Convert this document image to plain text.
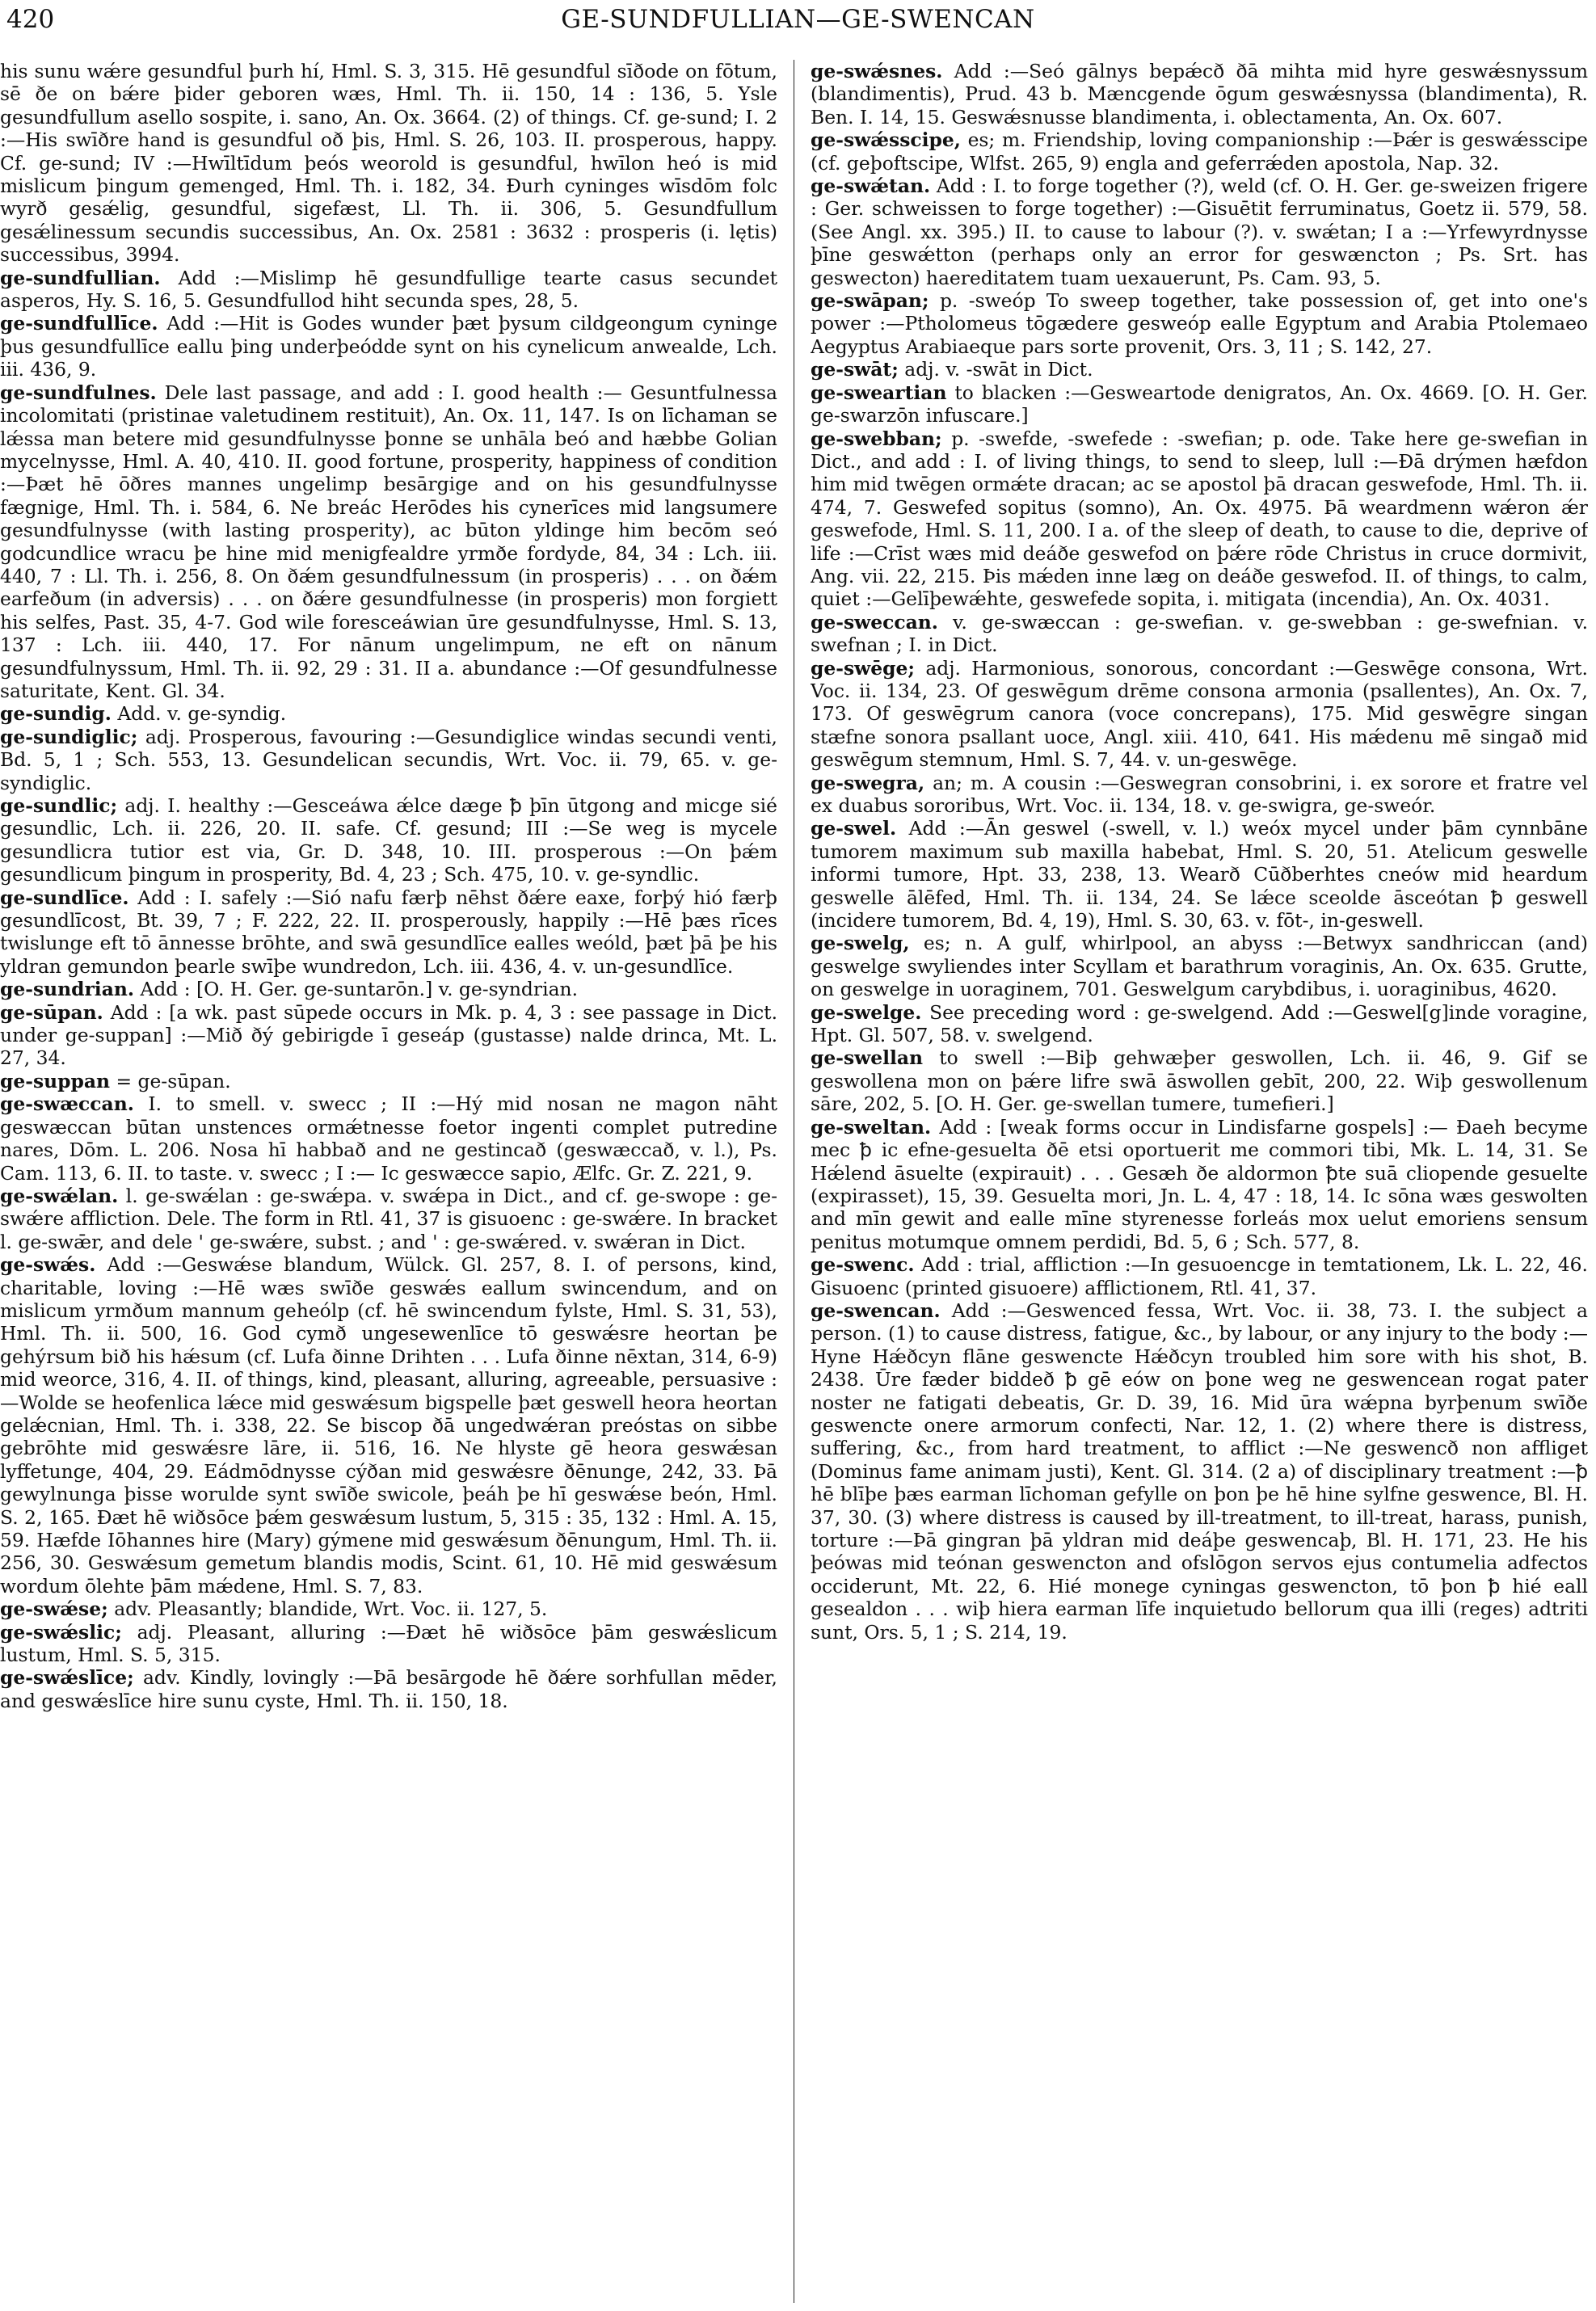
420	GE-SUNDFULLIAN—GE-SWENCAN

his sunu wǽre gesundful þurh hí, Hml. S. 3, 315. Hē gesundful sīðode on fōtum, sē ðe on bǽre þider geboren wæs, Hml. Th. ii. 150, 14 : 136, 5. Ysle gesundfullum asello sospite, i. sano, An. Ox. 3664. (2) of things. Cf. ge-sund; I. 2 :—His swīðre hand is gesundful oð þis, Hml. S. 26, 103. II. prosperous, happy. Cf. ge-sund; IV :—Hwīltīdum þeós weorold is gesundful, hwīlon heó is mid mislicum þingum gemenged, Hml. Th. i. 182, 34. Ðurh cyninges wīsdōm folc wyrð gesǽlig, gesundful, sigefæst, Ll. Th. ii. 306, 5. Gesundfullum gesǽlinessum secundis successibus, An. Ox. 2581 : 3632 : prosperis (i. lętis) successibus, 3994.

ge-sundfullian. Add :—Mislimp hē gesundfullige tearte casus secundet asperos, Hy. S. 16, 5. Gesundfullod hiht secunda spes, 28, 5.

ge-sundfullīce. Add :—Hit is Godes wunder þæt þysum cildgeongum cyninge þus gesundfullīce eallu þing underþeódde synt on his cynelicum anwealde, Lch. iii. 436, 9.

ge-sundfulnes. Dele last passage, and add : I. good health :— Gesuntfulnessa incolomitati (pristinae valetudinem restituit), An. Ox. 11, 147. Is on līchaman se lǽssa man betere mid gesundfulnysse þonne se unhāla beó and hæbbe Golian mycelnysse, Hml. A. 40, 410. II. good fortune, prosperity, happiness of condition :—Þæt hē ōðres mannes ungelimp besārgige and on his gesundfulnysse fægnige, Hml. Th. i. 584, 6. Ne breác Herōdes his cynerīces mid langsumere gesundfulnysse (with lasting prosperity), ac būton yldinge him becōm seó godcundlice wracu þe hine mid menigfealdre yrmðe fordyde, 84, 34 : Lch. iii. 440, 7 : Ll. Th. i. 256, 8. On ðǽm gesundfulnessum (in prosperis) . . . on ðǽm earfeðum (in adversis) . . . on ðǽre gesundfulnesse (in prosperis) mon forgiett his selfes, Past. 35, 4-7. God wile foresceáwian ūre gesundfulnysse, Hml. S. 13, 137 : Lch. iii. 440, 17. For nānum ungelimpum, ne eft on nānum gesundfulnyssum, Hml. Th. ii. 92, 29 : 31. II a. abundance :—Of gesundfulnesse saturitate, Kent. Gl. 34.

ge-sundig. Add. v. ge-syndig.

ge-sundiglic; adj. Prosperous, favouring :—Gesundiglice windas secundi venti, Bd. 5, 1 ; Sch. 553, 13. Gesundelican secundis, Wrt. Voc. ii. 79, 65. v. ge-syndiglic.

ge-sundlic; adj. I. healthy :—Gesceáwa ǽlce dæge ꝥ þīn ūtgong and micge sié gesundlic, Lch. ii. 226, 20. II. safe. Cf. gesund; III :—Se weg is mycele gesundlicra tutior est via, Gr. D. 348, 10. III. prosperous :—On þǽm gesundlicum þingum in prosperity, Bd. 4, 23 ; Sch. 475, 10. v. ge-syndlic.

ge-sundlīce. Add : I. safely :—Sió nafu færþ nēhst ðǽre eaxe, forþý hió færþ gesundlīcost, Bt. 39, 7 ; F. 222, 22. II. prosperously, happily :—Hē þæs rīces twislunge eft tō ānnesse brōhte, and swā gesundlīce ealles weóld, þæt þā þe his yldran gemundon þearle swīþe wundredon, Lch. iii. 436, 4. v. un-gesundlīce.

ge-sundrian. Add : [O. H. Ger. ge-suntarōn.] v. ge-syndrian.

ge-sūpan. Add : [a wk. past sūpede occurs in Mk. p. 4, 3 : see passage in Dict. under ge-suppan] :—Mið ðý gebirigde ī geseáp (gustasse) nalde drinca, Mt. L. 27, 34.

ge-suppan = ge-sūpan.

ge-swæccan. I. to smell. v. swecc ; II :—Hý mid nosan ne magon nāht geswæccan būtan unstences ormǽtnesse foetor ingenti complet putredine nares, Dōm. L. 206. Nosa hī habbað and ne gestincað (geswæccað, v. l.), Ps. Cam. 113, 6. II. to taste. v. swecc ; I :— Ic geswæcce sapio, Ælfc. Gr. Z. 221, 9.

ge-swǽlan. l. ge-swǽlan : ge-swǽpa. v. swǽpa in Dict., and cf. ge-swope : ge-swǽre affliction. Dele. The form in Rtl. 41, 37 is gisuoenc : ge-swǽre. In bracket l. ge-swǣr, and dele ' ge-swǽre, subst. ; and ' : ge-swǽred. v. swǽran in Dict.

ge-swǽs. Add :—Geswǽse blandum, Wülck. Gl. 257, 8. I. of persons, kind, charitable, loving :—Hē wæs swīðe geswǽs eallum swincendum, and on mislicum yrmðum mannum geheólp (cf. hē swincendum fylste, Hml. S. 31, 53), Hml. Th. ii. 500, 16. God cymð ungesewenlīce tō geswǽsre heortan þe gehýrsum bið his hǽsum (cf. Lufa ðinne Drihten . . . Lufa ðinne nēxtan, 314, 6-9) mid weorce, 316, 4. II. of things, kind, pleasant, alluring, agreeable, persuasive :—Wolde se heofenlica lǽce mid geswǽsum bigspelle þæt geswell heora heortan gelǽcnian, Hml. Th. i. 338, 22. Se biscop ðā ungedwǽran preóstas on sibbe gebrōhte mid geswǽsre lāre, ii. 516, 16. Ne hlyste gē heora geswǽsan lyffetunge, 404, 29. Eádmōdnysse cýðan mid geswǽsre ðēnunge, 242, 33. Þā gewylnunga þisse worulde synt swīðe swicole, þeáh þe hī geswǽse beón, Hml. S. 2, 165. Ðæt hē wiðsōce þǽm geswǽsum lustum, 5, 315 : 35, 132 : Hml. A. 15, 59. Hæfde Iōhannes hire (Mary) gýmene mid geswǽsum ðēnungum, Hml. Th. ii. 256, 30. Geswǽsum gemetum blandis modis, Scint. 61, 10. Hē mid geswǽsum wordum ōlehte þām mǽdene, Hml. S. 7, 83.

ge-swǽse; adv. Pleasantly; blandide, Wrt. Voc. ii. 127, 5.

ge-swǽslic; adj. Pleasant, alluring :—Ðæt hē wiðsōce þām geswǽslicum lustum, Hml. S. 5, 315.

ge-swǽslīce; adv. Kindly, lovingly :—Þā besārgode hē ðǽre sorhfullan mēder, and geswǽslīce hire sunu cyste, Hml. Th. ii. 150, 18.

ge-swǽsnes. Add :—Seó gālnys bepǽcð ðā mihta mid hyre geswǽsnyssum (blandimentis), Prud. 43 b. Mæncgende ōgum geswǽsnyssa (blandimenta), R. Ben. I. 14, 15. Geswǽsnusse blandimenta, i. oblectamenta, An. Ox. 607.

ge-swǽsscipe, es; m. Friendship, loving companionship :—Þǽr is geswǽsscipe (cf. geþoftscipe, Wlfst. 265, 9) engla and geferrǽden apostola, Nap. 32.

ge-swǽtan. Add : I. to forge together (?), weld (cf. O. H. Ger. ge-sweizen frigere : Ger. schweissen to forge together) :—Gisuētit ferruminatus, Goetz ii. 579, 58. (See Angl. xx. 395.) II. to cause to labour (?). v. swǽtan; I a :—Yrfewyrdnysse þīne geswǽtton (perhaps only an error for geswæncton ; Ps. Srt. has geswecton) haereditatem tuam uexauerunt, Ps. Cam. 93, 5.

ge-swāpan; p. -sweóp To sweep together, take possession of, get into one's power :—Ptholomeus tōgædere gesweóp ealle Egyptum and Arabia Ptolemaeo Aegyptus Arabiaeque pars sorte provenit, Ors. 3, 11 ; S. 142, 27.

ge-swāt; adj. v. -swāt in Dict.

ge-sweartian to blacken :—Gesweartode denigratos, An. Ox. 4669. [O. H. Ger. ge-swarzōn infuscare.]

ge-swebban; p. -swefde, -swefede : -swefian; p. ode. Take here ge-swefian in Dict., and add : I. of living things, to send to sleep, lull :—Ðā drýmen hæfdon him mid twēgen ormǽte dracan; ac se apostol þā dracan geswefode, Hml. Th. ii. 474, 7. Geswefed sopitus (somno), An. Ox. 4975. Þā weardmenn wǽron ǽr geswefode, Hml. S. 11, 200. I a. of the sleep of death, to cause to die, deprive of life :—Crīst wæs mid deáðe geswefod on þǽre rōde Christus in cruce dormivit, Ang. vii. 22, 215. Þis mǽden inne læg on deáðe geswefod. II. of things, to calm, quiet :—Gelīþewǽhte, geswefede sopita, i. mitigata (incendia), An. Ox. 4031.

ge-sweccan. v. ge-swæccan : ge-swefian. v. ge-swebban : ge-swefnian. v. swefnan ; I. in Dict.

ge-swēge; adj. Harmonious, sonorous, concordant :—Geswēge consona, Wrt. Voc. ii. 134, 23. Of geswēgum drēme consona armonia (psallentes), An. Ox. 7, 173. Of geswēgrum canora (voce concrepans), 175. Mid geswēgre singan stæfne sonora psallant uoce, Angl. xiii. 410, 641. His mǽdenu mē singað mid geswēgum stemnum, Hml. S. 7, 44. v. un-geswēge.

ge-swegra, an; m. A cousin :—Geswegran consobrini, i. ex sorore et fratre vel ex duabus sororibus, Wrt. Voc. ii. 134, 18. v. ge-swigra, ge-sweór.

ge-swel. Add :—Ān geswel (-swell, v. l.) weóx mycel under þām cynnbāne tumorem maximum sub maxilla habebat, Hml. S. 20, 51. Atelicum geswelle informi tumore, Hpt. 33, 238, 13. Wearð Cūðberhtes cneów mid heardum geswelle ālēfed, Hml. Th. ii. 134, 24. Se lǽce sceolde āsceótan ꝥ geswell (incidere tumorem, Bd. 4, 19), Hml. S. 30, 63. v. fōt-, in-geswell.

ge-swelg, es; n. A gulf, whirlpool, an abyss :—Betwyx sandhriccan (and) geswelge swyliendes inter Scyllam et barathrum voraginis, An. Ox. 635. Grutte, on geswelge in uoraginem, 701. Geswelgum carybdibus, i. uoraginibus, 4620.

ge-swelge. See preceding word : ge-swelgend. Add :—Geswel[g]inde voragine, Hpt. Gl. 507, 58. v. swelgend.

ge-swellan to swell :—Biþ gehwæþer geswollen, Lch. ii. 46, 9. Gif se geswollena mon on þǽre lifre swā āswollen gebīt, 200, 22. Wiþ geswollenum sāre, 202, 5. [O. H. Ger. ge-swellan tumere, tumefieri.]

ge-sweltan. Add : [weak forms occur in Lindisfarne gospels] :— Ðaeh becyme mec ꝥ ic efne-gesuelta ðē etsi oportuerit me commori tibi, Mk. L. 14, 31. Se Hǽlend āsuelte (expirauit) . . . Gesæh ðe aldormon ꝥte suā cliopende gesuelte (expirasset), 15, 39. Gesuelta mori, Jn. L. 4, 47 : 18, 14. Ic sōna wæs geswolten and mīn gewit and ealle mīne styrenesse forleás mox uelut emoriens sensum penitus motumque omnem perdidi, Bd. 5, 6 ; Sch. 577, 8.

ge-swenc. Add : trial, affliction :—In gesuoencge in temtationem, Lk. L. 22, 46. Gisuoenc (printed gisuoere) afflictionem, Rtl. 41, 37.

ge-swencan. Add :—Geswenced fessa, Wrt. Voc. ii. 38, 73. I. the subject a person. (1) to cause distress, fatigue, &c., by labour, or any injury to the body :—Hyne Hǽðcyn flāne geswencte Hǽðcyn troubled him sore with his shot, B. 2438. Ūre fæder biddeð ꝥ gē eów on þone weg ne geswencean rogat pater noster ne fatigati debeatis, Gr. D. 39, 16. Mid ūra wǽpna byrþenum swīðe geswencte onere armorum confecti, Nar. 12, 1. (2) where there is distress, suffering, &c., from hard treatment, to afflict :—Ne geswencð non affliget (Dominus fame animam justi), Kent. Gl. 314. (2 a) of disciplinary treatment :—ꝥ hē blīþe þæs earman līchoman gefylle on þon þe hē hine sylfne geswence, Bl. H. 37, 30. (3) where distress is caused by ill-treatment, to ill-treat, harass, punish, torture :—Þā gingran þā yldran mid deáþe geswencaþ, Bl. H. 171, 23. He his þeówas mid teónan geswencton and ofslōgon servos ejus contumelia adfectos occiderunt, Mt. 22, 6. Hié monege cyningas geswencton, tō þon ꝥ hié eall gesealdon . . . wiþ hiera earman līfe inquietudo bellorum qua illi (reges) adtriti sunt, Ors. 5, 1 ; S. 214, 19.
